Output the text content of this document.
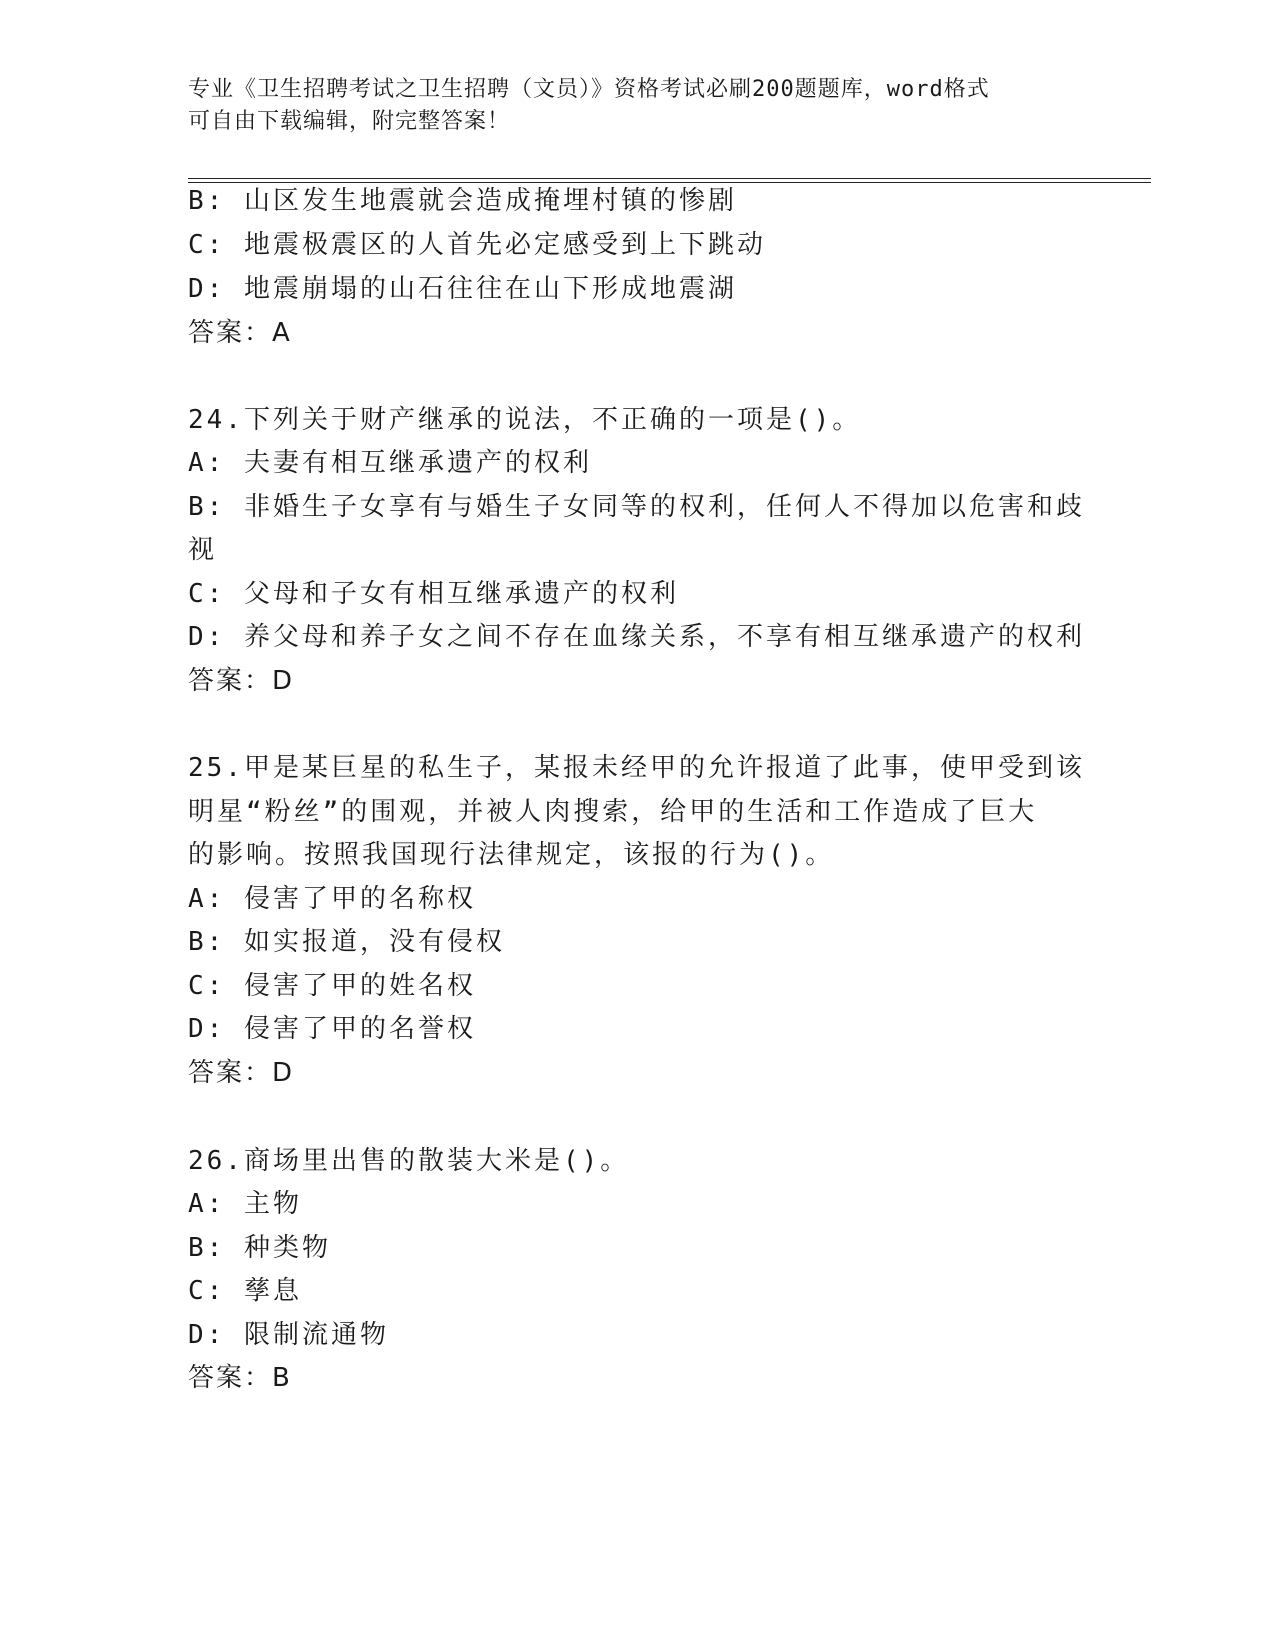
专业《卫生招聘考试之卫生招聘（文员）》资格考试必刷200题题库，word格式
可自由下载编辑，附完整答案！
B: 山区发生地震就会造成掩埋村镇的惨剧
C: 地震极震区的人首先必定感受到上下跳动
D: 地震崩塌的山石往往在山下形成地震湖
答案：A
24.下列关于财产继承的说法，不正确的一项是()。
A: 夫妻有相互继承遗产的权利
B: 非婚生子女享有与婚生子女同等的权利，任何人不得加以危害和歧
视
C: 父母和子女有相互继承遗产的权利
D: 养父母和养子女之间不存在血缘关系，不享有相互继承遗产的权利
答案：D
25.甲是某巨星的私生子，某报未经甲的允许报道了此事，使甲受到该
明星“粉丝”的围观，并被人肉搜索，给甲的生活和工作造成了巨大
的影响。按照我国现行法律规定，该报的行为()。
A: 侵害了甲的名称权
B: 如实报道，没有侵权
C: 侵害了甲的姓名权
D: 侵害了甲的名誉权
答案：D
26.商场里出售的散装大米是()。
A: 主物
B: 种类物
C: 孳息
D: 限制流通物
答案：B
